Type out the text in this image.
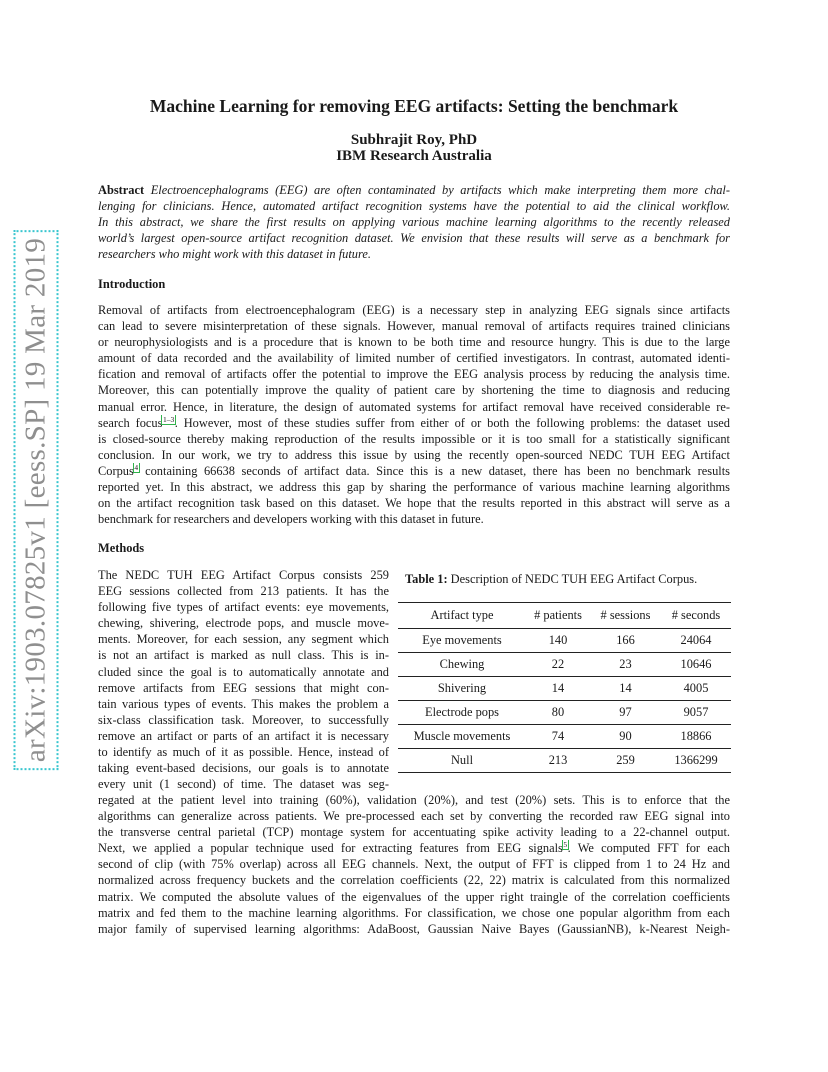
arXiv:1903.07825v1 [eess.SP] 19 Mar 2019
Machine Learning for removing EEG artifacts: Setting the benchmark
Subhrajit Roy, PhD
IBM Research Australia
Abstract Electroencephalograms (EEG) are often contaminated by artifacts which make interpreting them more chal-
lenging for clinicians. Hence, automated artifact recognition systems have the potential to aid the clinical workflow.
In this abstract, we share the first results on applying various machine learning algorithms to the recently released
world’s largest open-source artifact recognition dataset. We envision that these results will serve as a benchmark for
researchers who might work with this dataset in future.
Introduction
Removal of artifacts from electroencephalogram (EEG) is a necessary step in analyzing EEG signals since artifacts
can lead to severe misinterpretation of these signals. However, manual removal of artifacts requires trained clinicians
or neurophysiologists and is a procedure that is known to be both time and resource hungry. This is due to the large
amount of data recorded and the availability of limited number of certified investigators. In contrast, automated identi-
fication and removal of artifacts offer the potential to improve the EEG analysis process by reducing the analysis time.
Moreover, this can potentially improve the quality of patient care by shortening the time to diagnosis and reducing
manual error. Hence, in literature, the design of automated systems for artifact removal have received considerable re-
search focus$^{1-3}$. However, most of these studies suffer from either of or both the following problems: the dataset used
is closed-source thereby making reproduction of the results impossible or it is too small for a statistically significant
conclusion. In our work, we try to address this issue by using the recently open-sourced NEDC TUH EEG Artifact
Corpus$^4$ containing 66638 seconds of artifact data. Since this is a new dataset, there has been no benchmark results
reported yet. In this abstract, we address this gap by sharing the performance of various machine learning algorithms
on the artifact recognition task based on this dataset. We hope that the results reported in this abstract will serve as a
benchmark for researchers and developers working with this dataset in future.
Methods
The NEDC TUH EEG Artifact Corpus consists 259
EEG sessions collected from 213 patients. It has the
following five types of artifact events: eye movements,
chewing, shivering, electrode pops, and muscle move-
ments. Moreover, for each session, any segment which
is not an artifact is marked as null class. This is in-
cluded since the goal is to automatically annotate and
remove artifacts from EEG sessions that might con-
tain various types of events. This makes the problem a
six-class classification task. Moreover, to successfully
remove an artifact or parts of an artifact it is necessary
to identify as much of it as possible. Hence, instead of
taking event-based decisions, our goals is to annotate
every unit (1 second) of time. The dataset was seg-
Table 1: Description of NEDC TUH EEG Artifact Corpus.
Artifact type	# patients	# sessions	# seconds
Eye movements	140	166	24064
Chewing	22	23	10646
Shivering	14	14	4005
Electrode pops	80	97	9057
Muscle movements	74	90	18866
Null	213	259	1366299
regated at the patient level into training (60%), validation (20%), and test (20%) sets. This is to enforce that the
algorithms can generalize across patients. We pre-processed each set by converting the recorded raw EEG signal into
the transverse central parietal (TCP) montage system for accentuating spike activity leading to a 22-channel output.
Next, we applied a popular technique used for extracting features from EEG signals$^5$. We computed FFT for each
second of clip (with 75% overlap) across all EEG channels. Next, the output of FFT is clipped from 1 to 24 Hz and
normalized across frequency buckets and the correlation coefficients (22, 22) matrix is calculated from this normalized
matrix. We computed the absolute values of the eigenvalues of the upper right traingle of the correlation coefficients
matrix and fed them to the machine learning algorithms. For classification, we chose one popular algorithm from each
major family of supervised learning algorithms: AdaBoost, Gaussian Naive Bayes (GaussianNB), k-Nearest Neigh-
